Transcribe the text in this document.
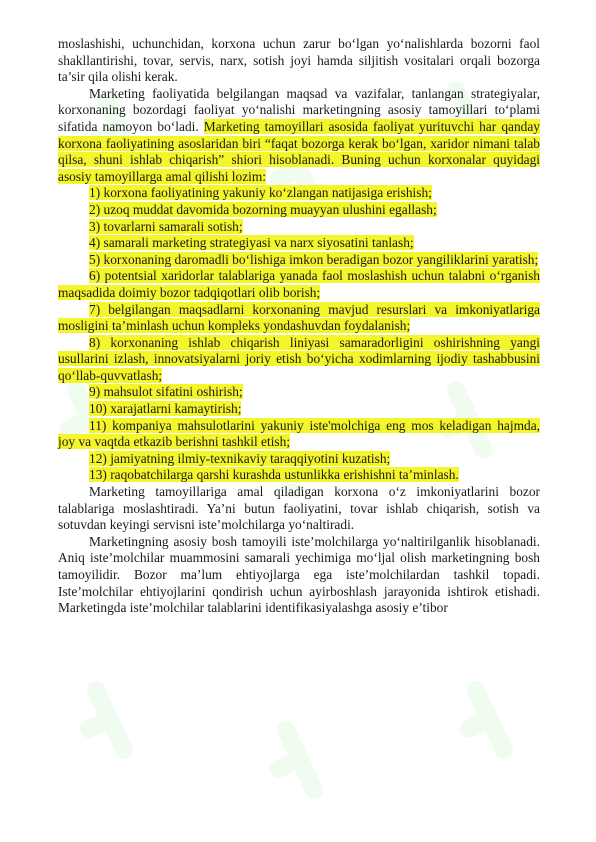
moslashishi, uchunchidan, korxona uchun zarur bo‘lgan yo‘nalishlarda bozorni faol shakllantirishi, tovar, servis, narx, sotish joyi hamda siljitish vositalari orqali bozorga ta’sir qila olishi kerak.

Marketing faoliyatida belgilangan maqsad va vazifalar, tanlangan strategiyalar, korxonaning bozordagi faoliyat yo‘nalishi marketingning asosiy tamoyillari to‘plami sifatida namoyon bo‘ladi. Marketing tamoyillari asosida faoliyat yurituvchi har qanday korxona faoliyatining asoslaridan biri “faqat bozorga kerak bo‘lgan, xaridor nimani talab qilsa, shuni ishlab chiqarish” shiori hisoblanadi. Buning uchun korxonalar quyidagi asosiy tamoyillarga amal qilishi lozim:

1) korxona faoliyatining yakuniy ko‘zlangan natijasiga erishish;

2) uzoq muddat davomida bozorning muayyan ulushini egallash;

3) tovarlarni samarali sotish;

4) samarali marketing strategiyasi va narx siyosatini tanlash;

5) korxonaning daromadli bo‘lishiga imkon beradigan bozor yangiliklarini yaratish;

6) potentsial xaridorlar talablariga yanada faol moslashish uchun talabni o‘rganish maqsadida doimiy bozor tadqiqotlari olib borish;

7) belgilangan maqsadlarni korxonaning mavjud resurslari va imkoniyatlariga mosligini ta’minlash uchun kompleks yondashuvdan foydalanish;

8) korxonaning ishlab chiqarish liniyasi samaradorligini oshirishning yangi usullarini izlash, innovatsiyalarni joriy etish bo‘yicha xodimlarning ijodiy tashabbusini qo‘llab-quvvatlash;

9) mahsulot sifatini oshirish;

10) xarajatlarni kamaytirish;

11) kompaniya mahsulotlarini yakuniy iste'molchiga eng mos keladigan hajmda, joy va vaqtda etkazib berishni tashkil etish;

12) jamiyatning ilmiy-texnikaviy taraqqiyotini kuzatish;

13) raqobatchilarga qarshi kurashda ustunlikka erishishni ta’minlash.

Marketing tamoyillariga amal qiladigan korxona o‘z imkoniyatlarini bozor talablariga moslashtiradi. Ya’ni butun faoliyatini, tovar ishlab chiqarish, sotish va sotuvdan keyingi servisni iste’molchilarga yo‘naltiradi.

Marketingning asosiy bosh tamoyili iste’molchilarga yo‘naltirilganlik hisoblanadi. Aniq iste’molchilar muammosini samarali yechimiga mo‘ljal olish marketingning bosh tamoyilidir. Bozor ma’lum ehtiyojlarga ega iste’molchilardan tashkil topadi. Iste’molchilar ehtiyojlarini qondirish uchun ayirboshlash jarayonida ishtirok etishadi. Marketingda iste’molchilar talablarini identifikasiyalashga asosiy e’tibor
